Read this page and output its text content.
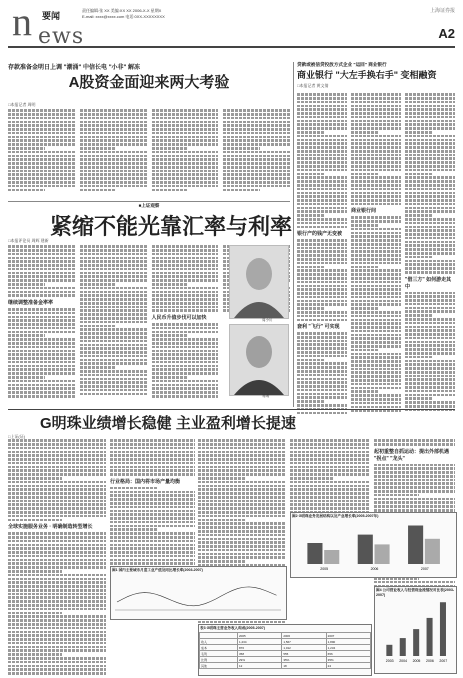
n 要闻
ews
责任编辑:张 XX 美编:XX XX 2006-X-X 星期X
E-mail: xxxx@xxxx.com 电话:0XX-XXXXXXXX
上海证券报
A2
存款准备金明日上调 "潮涌" 中信长电 "小非" 解冻
A股资金面迎来两大考验
□本报记者 周明
贷款或被信贷投放方式企业 "运回" 商业银行
商业银行 "大左手换右手" 变相融资
□本报记者 黄文倩
银行产的钱产无变被
套利 "飞行" 可实现
商业银行间
"借三方" 如何游走其中
■上证观察
紧缩不能光靠汇率与利率
□本报评论员 周辉 建新
继续调整准备金率率
人民币升值步伐可以加快	周小川
易纲
G明珠业绩增长稳健 主业盈利增长提速
□上证(证)
全球实施服务业务 · 明确制造转型增长
行业格局：国内将市场产量均衡
起初重整自抓运动：提出外部机遇 "拐点" "龙头"
图1 国内主要城市月度工业产值及同比增长率(2003-2007)
图2 G明珠业务发展结构以及产业增长率(2005-2007年)
2005	2006	2007
表3 G明珠主营业务收入构成(2005-2007)
	2005	2006	2007
收入	1,234	1,567	1,890
成本	876	1,012	1,234
毛利	358	555	656
比例	29%	35%	35%
其他	12	18	24
图4 公司营业收入与经营现金流情况对比表(2003-2007)
2003 2004 2005 2006 2007
